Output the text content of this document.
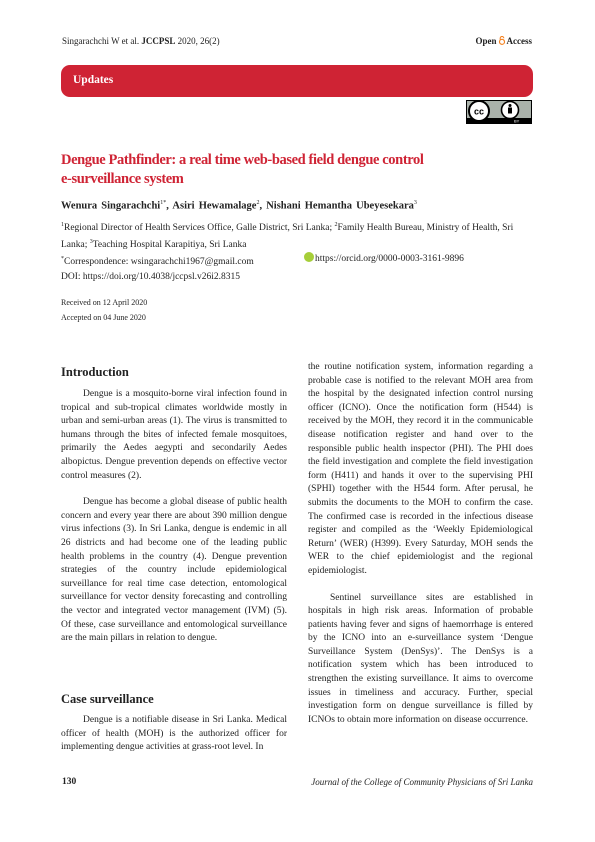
Singarachchi W et al. JCCPSL 2020, 26(2)	Open Access
Updates
cc
BY
Dengue Pathfinder: a real time web-based field dengue control
e-surveillance system
Wenura Singarachchi$^{1*}$, Asiri Hewamalage$^2$, Nishani Hemantha Ubeyesekara$^3$
$^1$Regional Director of Health Services Office, Galle District, Sri Lanka; $^2$Family Health Bureau, Ministry of Health, Sri Lanka; $^3$Teaching Hospital Karapitiya, Sri Lanka
*Correspondence: wsingarachchi1967@gmail.com
DOI: https://doi.org/10.4038/jccpsl.v26i2.8315
https://orcid.org/0000-0003-3161-9896
Received on 12 April 2020
Accepted on 04 June 2020
Introduction

Dengue is a mosquito-borne viral infection found in tropical and sub-tropical climates worldwide mostly in urban and semi-urban areas (1). The virus is transmitted to humans through the bites of infected female mosquitoes, primarily the Aedes aegypti and secondarily Aedes albopictus. Dengue prevention depends on effective vector control measures (2).

Dengue has become a global disease of public health concern and every year there are about 390 million dengue virus infections (3). In Sri Lanka, dengue is endemic in all 26 districts and had become one of the leading public health problems in the country (4). Dengue prevention strategies of the country include epidemiological surveillance for real time case detection, entomological surveillance for vector density forecasting and controlling the vector and integrated vector management (IVM) (5). Of these, case surveillance and entomological surveillance are the main pillars in relation to dengue.

Case surveillance

Dengue is a notifiable disease in Sri Lanka. Medical officer of health (MOH) is the authorized officer for implementing dengue activities at grass-root level. In

the routine notification system, information regarding a probable case is notified to the relevant MOH area from the hospital by the designated infection control nursing officer (ICNO). Once the notification form (H544) is received by the MOH, they record it in the communicable disease notification register and hand over to the responsible public health inspector (PHI). The PHI does the field investigation and complete the field investigation form (H411) and hands it over to the supervising PHI (SPHI) together with the H544 form. After perusal, he submits the documents to the MOH to confirm the case. The confirmed case is recorded in the infectious disease register and compiled as the ‘Weekly Epidemiological Return’ (WER) (H399). Every Saturday, MOH sends the WER to the chief epidemiologist and the regional epidemiologist.

Sentinel surveillance sites are established in hospitals in high risk areas. Information of probable patients having fever and signs of haemorrhage is entered by the ICNO into an e-surveillance system ‘Dengue Surveillance System (DenSys)’. The DenSys is a notification system which has been introduced to strengthen the existing surveillance. It aims to overcome issues in timeliness and accuracy. Further, special investigation form on dengue surveillance is filled by ICNOs to obtain more information on disease occurrence.

130	Journal of the College of Community Physicians of Sri Lanka
